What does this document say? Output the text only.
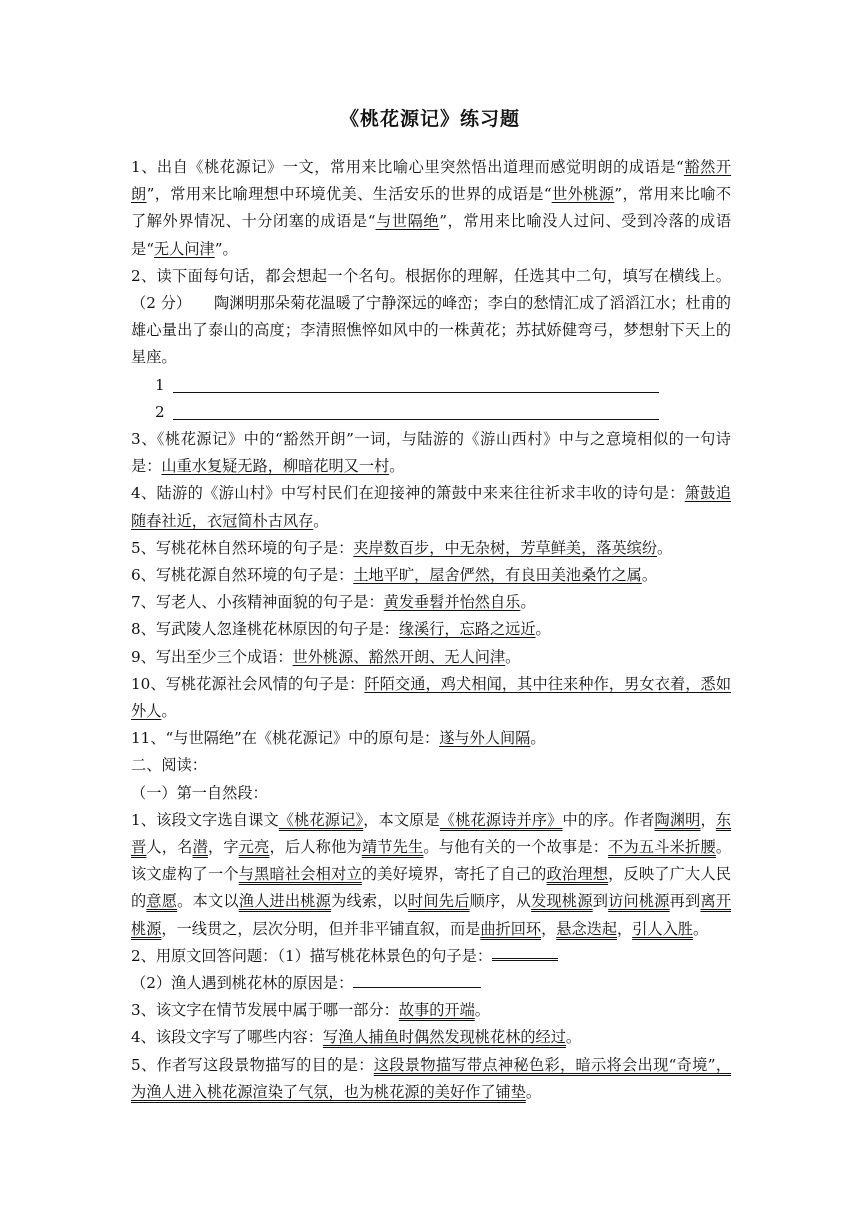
《桃花源记》练习题

1、出自《桃花源记》一文，常用来比喻心里突然悟出道理而感觉明朗的成语是“豁然开朗”，常用来比喻理想中环境优美、生活安乐的世界的成语是“世外桃源”，常用来比喻不了解外界情况、十分闭塞的成语是“与世隔绝”，常用来比喻没人过问、受到冷落的成语是“无人问津”。

2、读下面每句话，都会想起一个名句。根据你的理解，任选其中二句，填写在横线上。（2 分）　　陶渊明那朵菊花温暖了宁静深远的峰峦；李白的愁情汇成了滔滔江水；杜甫的雄心量出了泰山的高度；李清照憔悴如风中的一株黄花；苏拭娇健弯弓，梦想射下天上的星座。

1
2

3、《桃花源记》中的“豁然开朗”一词，与陆游的《游山西村》中与之意境相似的一句诗是：山重水复疑无路，柳暗花明又一村。

4、陆游的《游山村》中写村民们在迎接神的箫鼓中来来往往祈求丰收的诗句是：箫鼓追随春社近，衣冠简朴古风存。

5、写桃花林自然环境的句子是：夹岸数百步，中无杂树，芳草鲜美，落英缤纷。

6、写桃花源自然环境的句子是：土地平旷，屋舍俨然，有良田美池桑竹之属。

7、写老人、小孩精神面貌的句子是：黄发垂髫并怡然自乐。

8、写武陵人忽逢桃花林原因的句子是：缘溪行，忘路之远近。

9、写出至少三个成语：世外桃源、豁然开朗、无人问津。

10、写桃花源社会风情的句子是：阡陌交通，鸡犬相闻，其中往来种作，男女衣着，悉如外人。

11、“与世隔绝”在《桃花源记》中的原句是：遂与外人间隔。

二、阅读：

（一）第一自然段：

1、该段文字选自课文《桃花源记》，本文原是《桃花源诗并序》中的序。作者陶渊明，东晋人，名潜，字元亮，后人称他为靖节先生。与他有关的一个故事是：不为五斗米折腰。该文虚构了一个与黑暗社会相对立的美好境界，寄托了自己的政治理想，反映了广大人民的意愿。本文以渔人进出桃源为线索，以时间先后顺序，从发现桃源到访问桃源再到离开桃源，一线贯之，层次分明，但并非平铺直叙，而是曲折回环，悬念迭起，引人入胜。

2、用原文回答问题：（1）描写桃花林景色的句子是：

（2）渔人遇到桃花林的原因是：

3、该文字在情节发展中属于哪一部分：故事的开端。

4、该段文字写了哪些内容：写渔人捕鱼时偶然发现桃花林的经过。

5、作者写这段景物描写的目的是：这段景物描写带点神秘色彩，暗示将会出现“奇境”，为渔人进入桃花源渲染了气氛，也为桃花源的美好作了铺垫。
